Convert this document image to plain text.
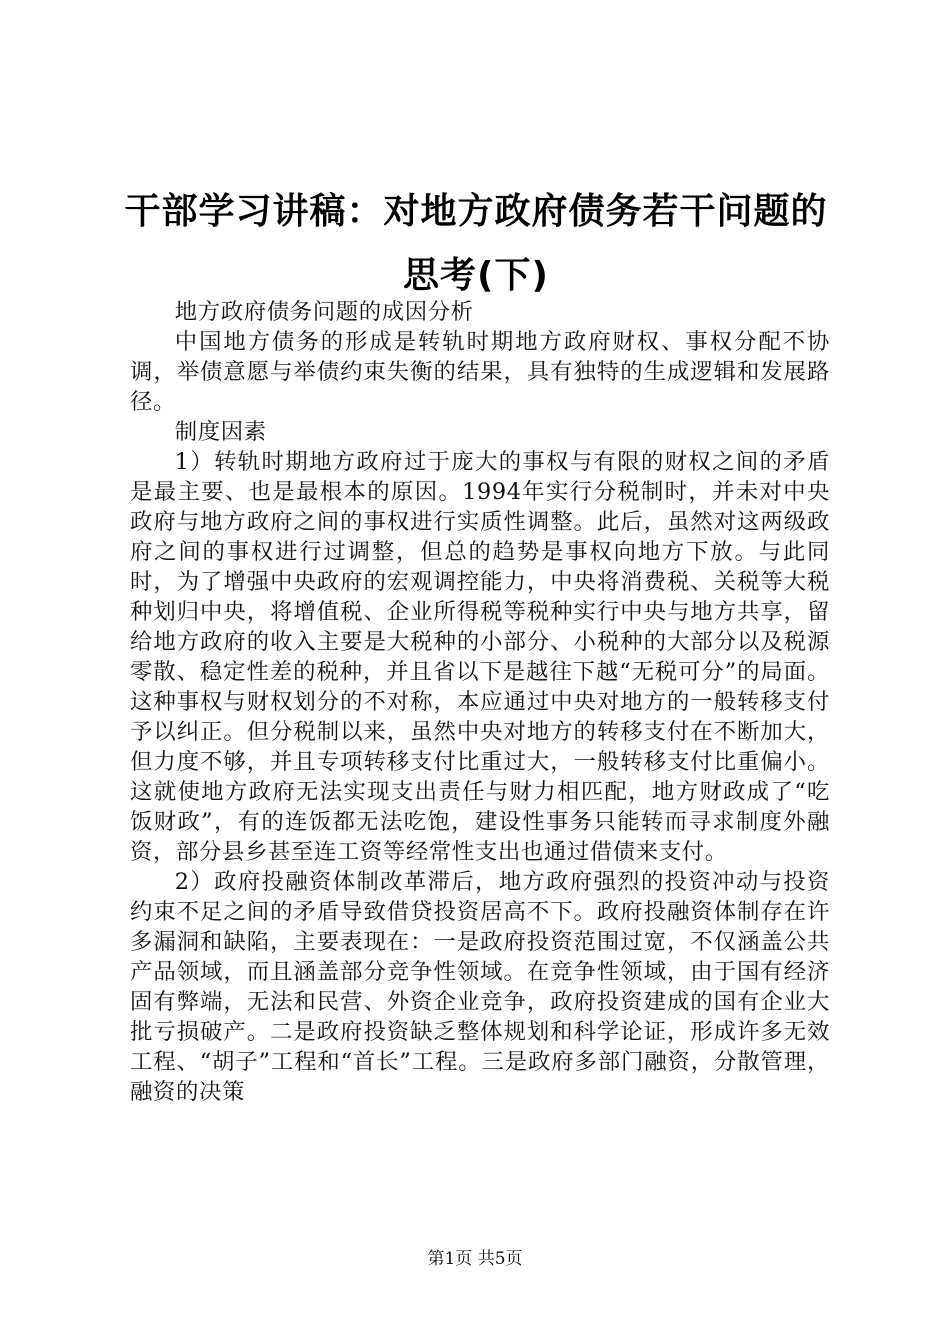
干部学习讲稿：对地方政府债务若干问题的思考(下)

地方政府债务问题的成因分析

中国地方债务的形成是转轨时期地方政府财权、事权分配不协调，举债意愿与举债约束失衡的结果，具有独特的生成逻辑和发展路径。

制度因素

1）转轨时期地方政府过于庞大的事权与有限的财权之间的矛盾是最主要、也是最根本的原因。1994年实行分税制时，并未对中央政府与地方政府之间的事权进行实质性调整。此后，虽然对这两级政府之间的事权进行过调整，但总的趋势是事权向地方下放。与此同时，为了增强中央政府的宏观调控能力，中央将消费税、关税等大税种划归中央，将增值税、企业所得税等税种实行中央与地方共享，留给地方政府的收入主要是大税种的小部分、小税种的大部分以及税源零散、稳定性差的税种，并且省以下是越往下越“无税可分”的局面。这种事权与财权划分的不对称，本应通过中央对地方的一般转移支付予以纠正。但分税制以来，虽然中央对地方的转移支付在不断加大，但力度不够，并且专项转移支付比重过大，一般转移支付比重偏小。这就使地方政府无法实现支出责任与财力相匹配，地方财政成了“吃饭财政”，有的连饭都无法吃饱，建设性事务只能转而寻求制度外融资，部分县乡甚至连工资等经常性支出也通过借债来支付。

2）政府投融资体制改革滞后，地方政府强烈的投资冲动与投资约束不足之间的矛盾导致借贷投资居高不下。政府投融资体制存在许多漏洞和缺陷，主要表现在：一是政府投资范围过宽，不仅涵盖公共产品领域，而且涵盖部分竞争性领域。在竞争性领域，由于国有经济固有弊端，无法和民营、外资企业竞争，政府投资建成的国有企业大批亏损破产。二是政府投资缺乏整体规划和科学论证，形成许多无效工程、“胡子”工程和“首长”工程。三是政府多部门融资，分散管理，融资的决策

第1页 共5页
